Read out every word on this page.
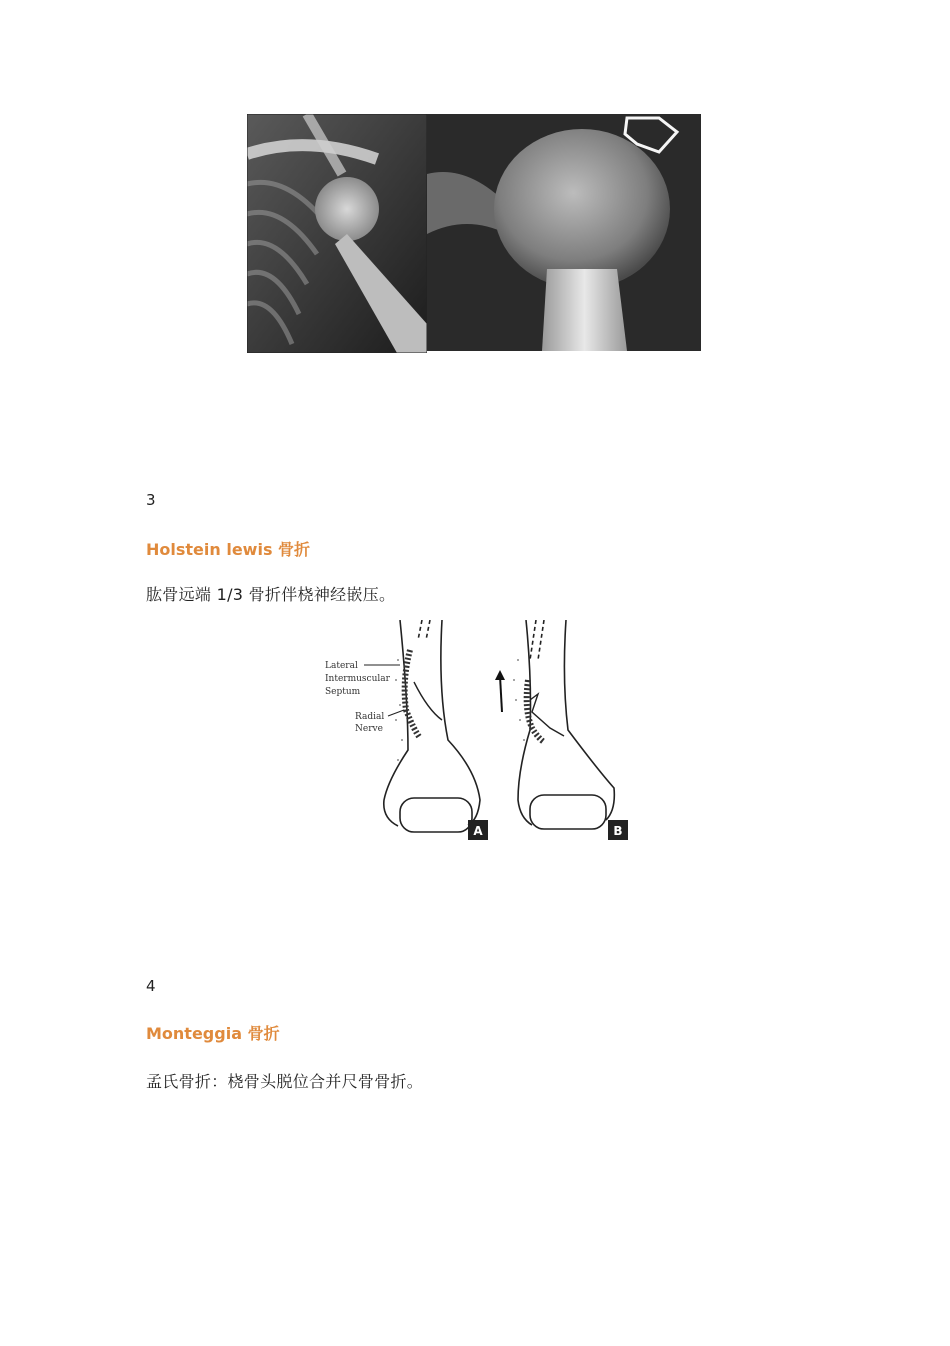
3
Holstein lewis 骨折
肱骨远端 1/3 骨折伴桡神经嵌压。
Lateral
Intermuscular
Septum
Radial
Nerve
A	B
4
Monteggia 骨折
孟氏骨折：桡骨头脱位合并尺骨骨折。
